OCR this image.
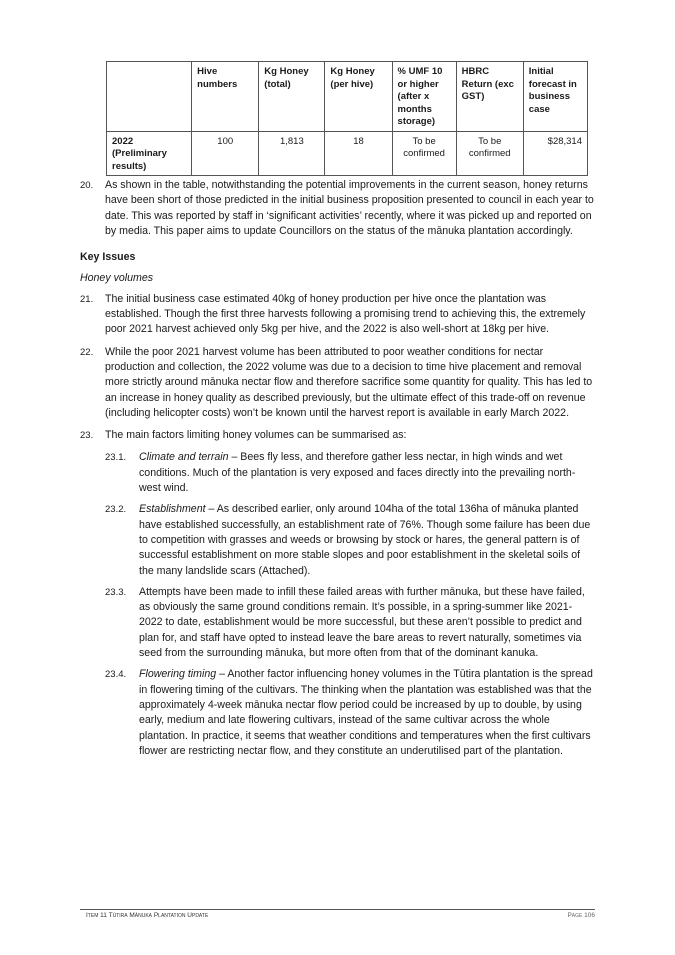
	Hive numbers	Kg Honey (total)	Kg Honey (per hive)	% UMF 10 or higher (after x months storage)	HBRC Return (exc GST)	Initial forecast in business case
2022 (Preliminary results)	100	1,813	18	To be confirmed	To be confirmed	$28,314
20. As shown in the table, notwithstanding the potential improvements in the current season, honey returns have been short of those predicted in the initial business proposition presented to council in each year to date. This was reported by staff in ‘significant activities’ recently, where it was picked up and reported on by media. This paper aims to update Councillors on the status of the mānuka plantation accordingly.
Key Issues
Honey volumes
21. The initial business case estimated 40kg of honey production per hive once the plantation was established. Though the first three harvests following a promising trend to achieving this, the extremely poor 2021 harvest achieved only 5kg per hive, and the 2022 is also well-short at 18kg per hive.
22. While the poor 2021 harvest volume has been attributed to poor weather conditions for nectar production and collection, the 2022 volume was due to a decision to time hive placement and removal more strictly around mānuka nectar flow and therefore sacrifice some quantity for quality. This has led to an increase in honey quality as described previously, but the ultimate effect of this trade-off on revenue (including helicopter costs) won’t be known until the harvest report is available in early March 2022.
23. The main factors limiting honey volumes can be summarised as:
23.1. Climate and terrain – Bees fly less, and therefore gather less nectar, in high winds and wet conditions. Much of the plantation is very exposed and faces directly into the prevailing north-west wind.
23.2. Establishment – As described earlier, only around 104ha of the total 136ha of mānuka planted have established successfully, an establishment rate of 76%. Though some failure has been due to competition with grasses and weeds or browsing by stock or hares, the general pattern is of successful establishment on more stable slopes and poor establishment in the skeletal soils of the many landslide scars (Attached).
23.3. Attempts have been made to infill these failed areas with further mānuka, but these have failed, as obviously the same ground conditions remain. It’s possible, in a spring-summer like 2021-2022 to date, establishment would be more successful, but these aren’t possible to predict and plan for, and staff have opted to instead leave the bare areas to revert naturally, sometimes via seed from the surrounding mānuka, but more often from that of the dominant kanuka.
23.4. Flowering timing – Another factor influencing honey volumes in the Tūtira plantation is the spread in flowering timing of the cultivars. The thinking when the plantation was established was that the approximately 4-week mānuka nectar flow period could be increased by up to double, by using early, medium and late flowering cultivars, instead of the same cultivar across the whole plantation. In practice, it seems that weather conditions and temperatures when the first cultivars flower are restricting nectar flow, and they constitute an underutilised part of the plantation.
Item 11 Tūtira Mānuka Plantation Update	Page 106
